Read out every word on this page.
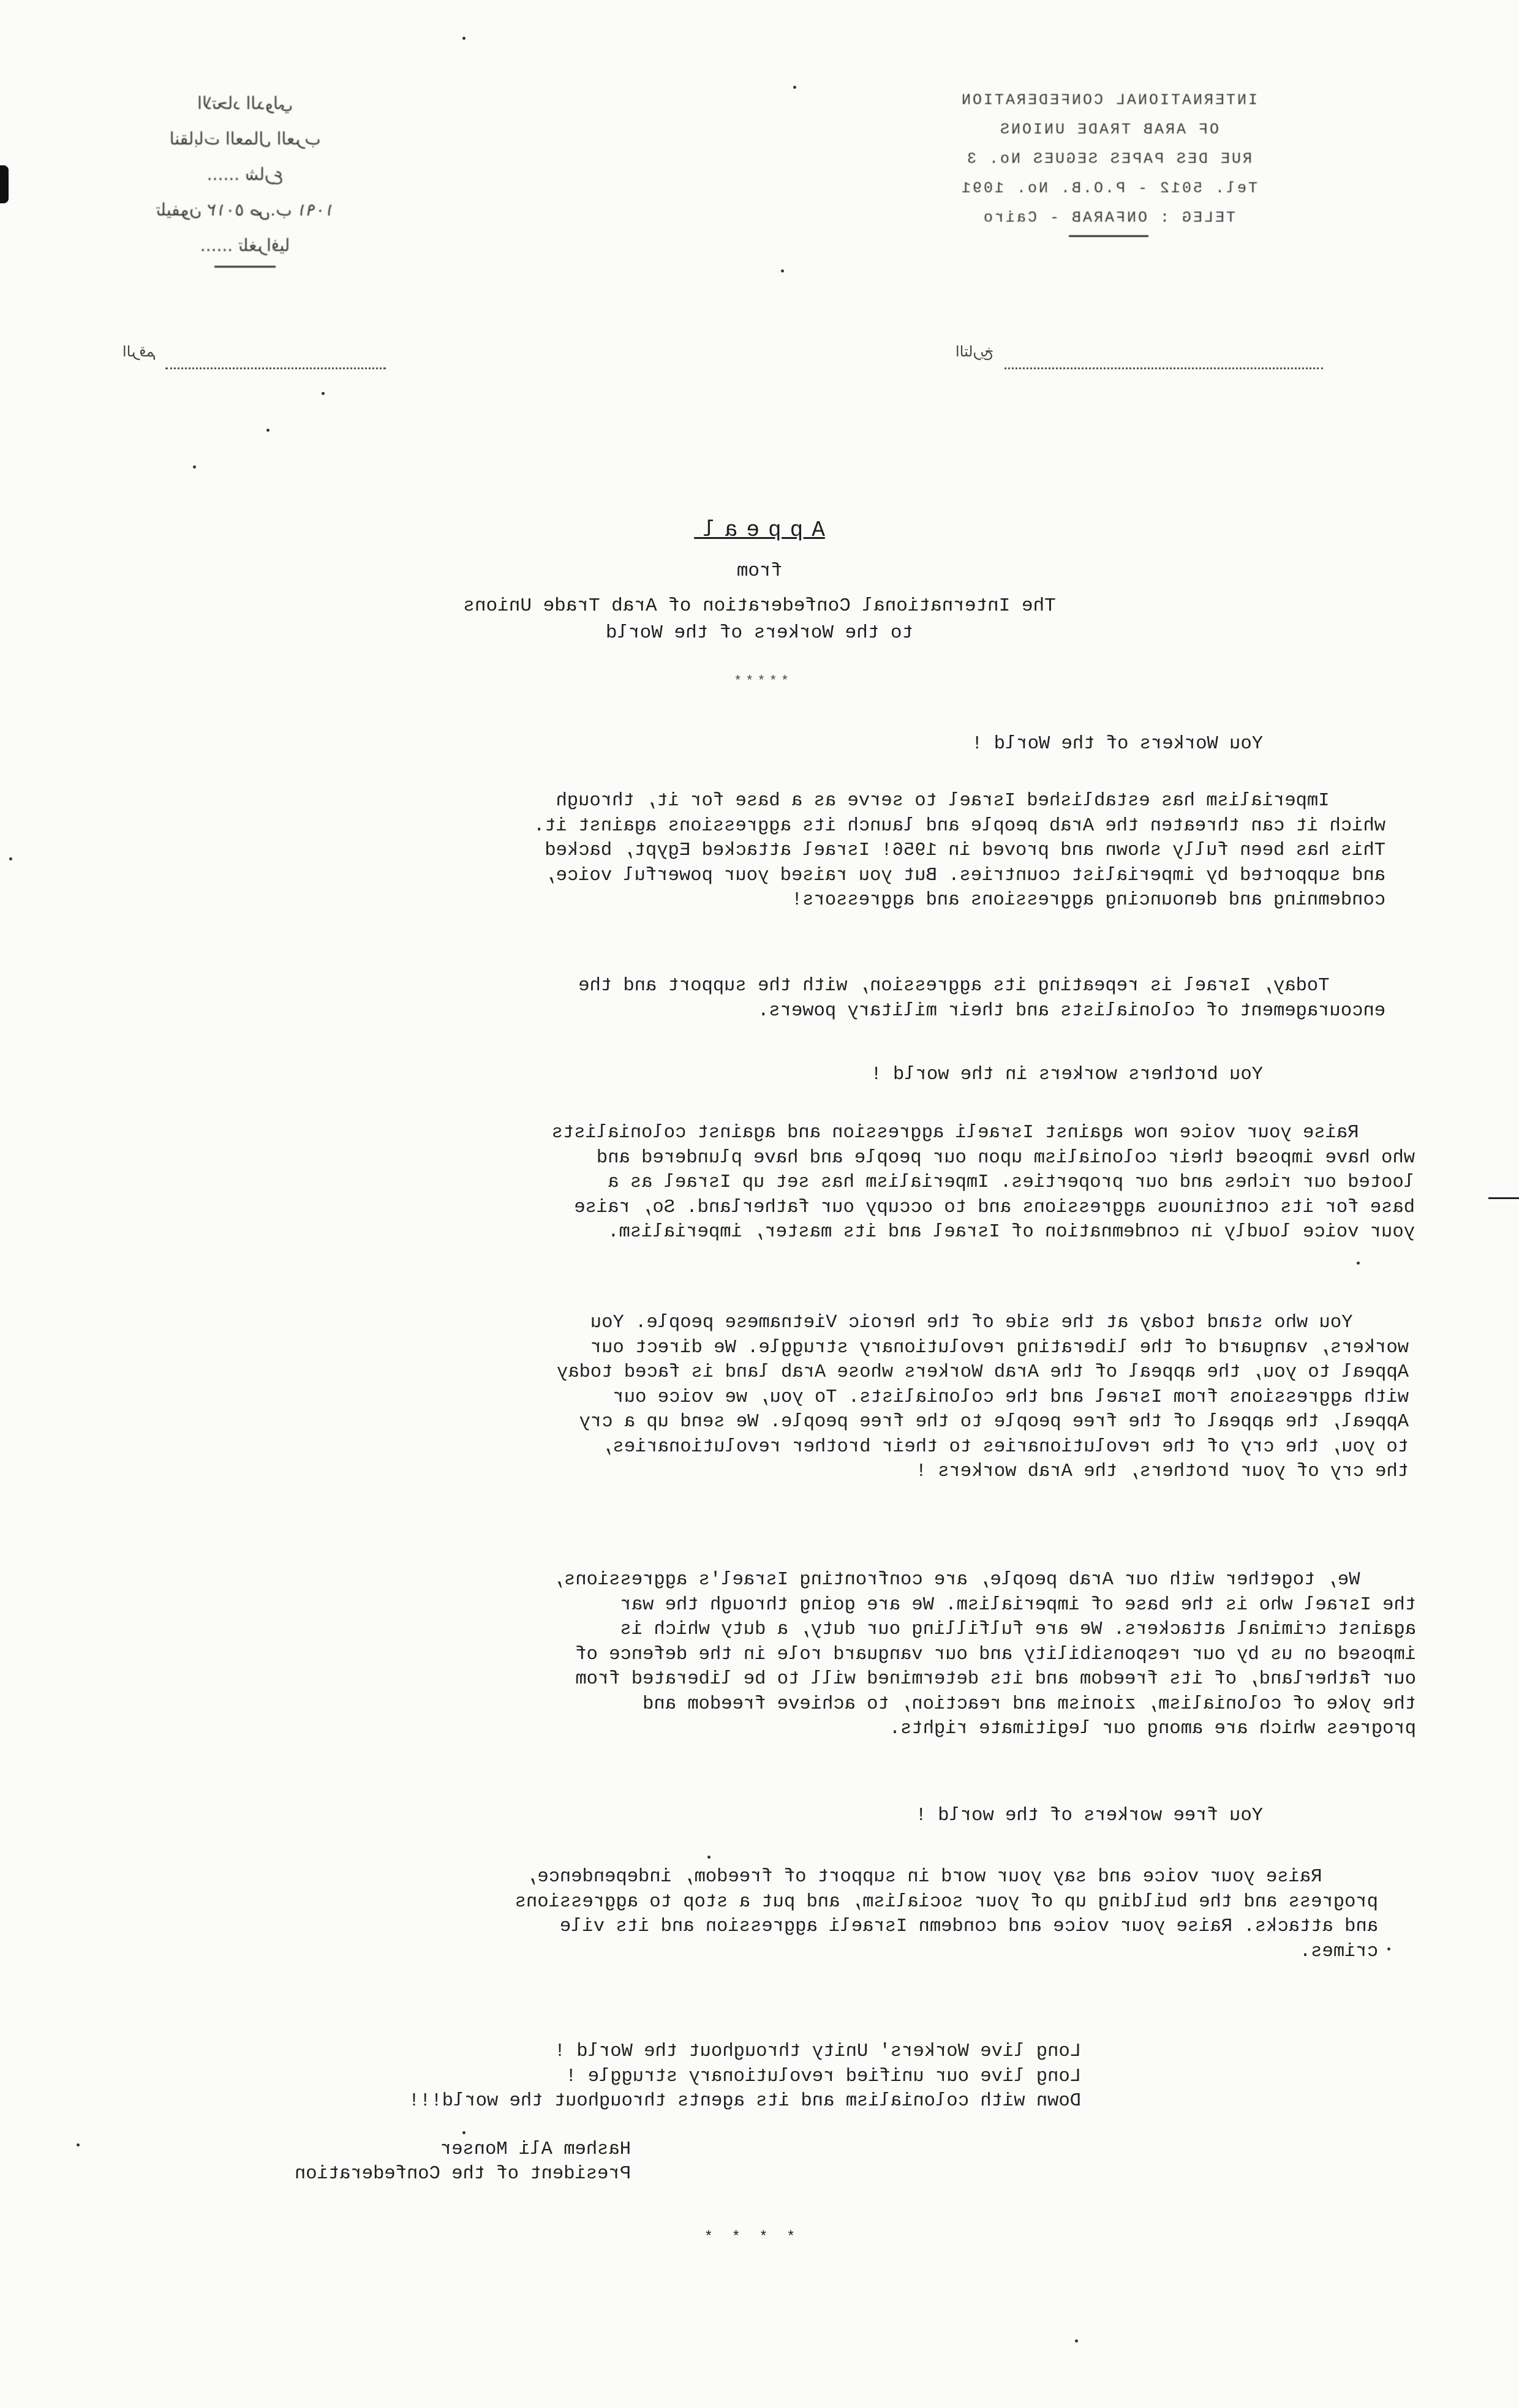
INTERNATIONAL CONFEDERATION
OF ARAB TRADE UNIONS
RUE DES PAPES SEGUES No. 3
Tel. 5012 - P.O.B. No. 1091
TELEG : ONFARAB - Cairo
الاتحاد الدولي
لنقابات العمال العرب
شارع ......
تليفون ٥٠١٢ ص.ب ١٠٩١
تلغرافيا ......
التاريخ
الرقم
Appeal
from
The International Confederation of Arab Trade Unions
to the Workers of the World
*****
You Workers of the World !
Imperialism has established Israel to serve as a base for it, through
which it can threaten the Arab people and launch its aggressions against it.
This has been fully shown and proved in 1956! Israel attacked Egypt, backed
and supported by imperialist countries. But you raised your powerful voice,
condemning and denouncing aggressions and aggressors!
Today, Israel is repeating its aggression, with the support and the
encouragement of colonialists and their military powers.
You brothers workers in the world !
Raise your voice now against Israeli aggression and against colonialists
who have imposed their colonialism upon our people and have plundered and
looted our riches and our properties. Imperialism has set up Israel as a
base for its continuous aggressions and to occupy our fatherland. So, raise
your voice loudly in condemnation of Israel and its master, imperialism.
You who stand today at the side of the heroic Vietnamese people. You
workers, vanguard of the liberating revolutionary struggle. We direct our
Appeal to you, the appeal of the Arab Workers whose Arab land is faced today
with aggressions from Israel and the colonialists. To you, we voice our
Appeal, the appeal of the free people to the free people. We send up a cry
to you, the cry of the revolutionaries to their brother revolutionaries,
the cry of your brothers, the Arab workers !
We, together with our Arab people, are confronting Israel's aggressions,
the Israel who is the base of imperialism. We are going through the war
against criminal attackers. We are fulfilling our duty, a duty which is
imposed on us by our responsibility and our vanguard role in the defence of
our fatherland, of its freedom and its determined will to be liberated from
the yoke of colonialism, zionism and reaction, to achieve freedom and
progress which are among our legitimate rights.
You free workers of the world !
Raise your voice and say your word in support of freedom, independence,
progress and the building up of your socialism, and put a stop to aggressions
and attacks. Raise your voice and condemn Israeli aggression and its vile
crimes.
Long live Workers' Unity throughout the World !
Long live our unified revolutionary struggle !
Down with colonialism and its agents throughout the world!!!
Hashem Ali Monser
President of the Confederation
* * * *
